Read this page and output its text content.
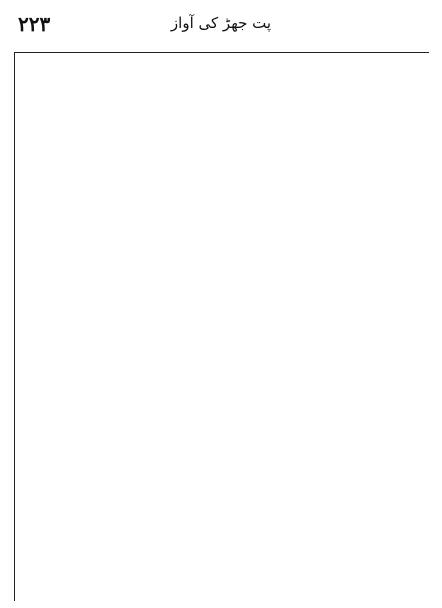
۲۲۳	پت جھڑ کی آواز
